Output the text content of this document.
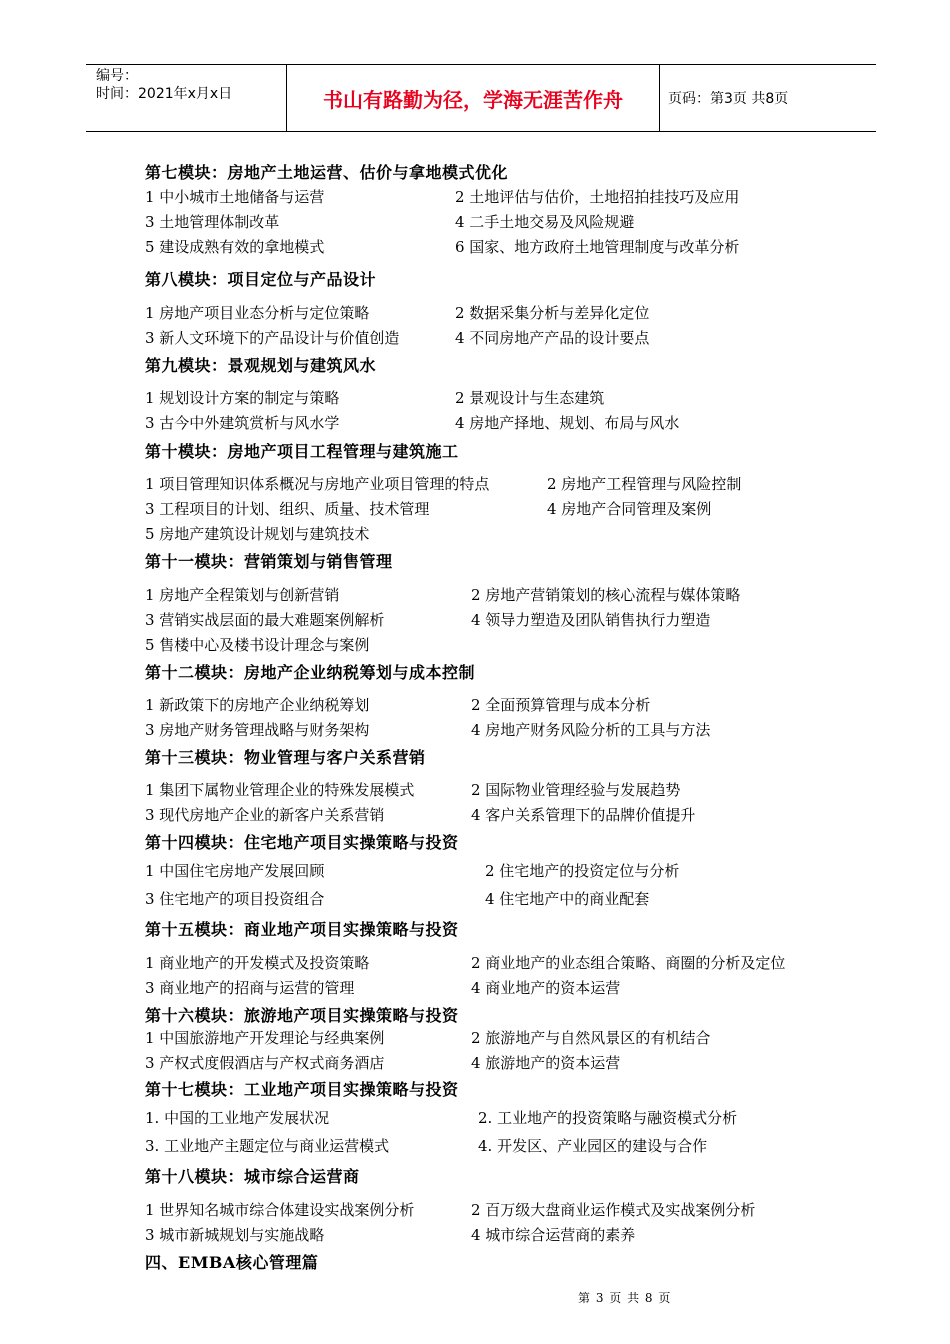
编号：
时间：2021年x月x日	书山有路勤为径，学海无涯苦作舟	页码：第3页 共8页
第七模块：房地产土地运营、估价与拿地模式优化
1 中小城市土地储备与运营	2 土地评估与估价，土地招拍挂技巧及应用
3 土地管理体制改革	4 二手土地交易及风险规避
5 建设成熟有效的拿地模式	6 国家、地方政府土地管理制度与改革分析
第八模块：项目定位与产品设计
1 房地产项目业态分析与定位策略	2 数据采集分析与差异化定位
3 新人文环境下的产品设计与价值创造	4 不同房地产产品的设计要点
第九模块：景观规划与建筑风水
1 规划设计方案的制定与策略	2 景观设计与生态建筑
3 古今中外建筑赏析与风水学	4 房地产择地、规划、布局与风水
第十模块：房地产项目工程管理与建筑施工
1 项目管理知识体系概况与房地产业项目管理的特点	2 房地产工程管理与风险控制
3 工程项目的计划、组织、质量、技术管理	4 房地产合同管理及案例
5 房地产建筑设计规划与建筑技术
第十一模块：营销策划与销售管理
1 房地产全程策划与创新营销	2 房地产营销策划的核心流程与媒体策略
3 营销实战层面的最大难题案例解析	4 领导力塑造及团队销售执行力塑造
5 售楼中心及楼书设计理念与案例
第十二模块：房地产企业纳税筹划与成本控制
1 新政策下的房地产企业纳税筹划	2 全面预算管理与成本分析
3 房地产财务管理战略与财务架构	4 房地产财务风险分析的工具与方法
第十三模块：物业管理与客户关系营销
1 集团下属物业管理企业的特殊发展模式	2 国际物业管理经验与发展趋势
3 现代房地产企业的新客户关系营销	4 客户关系管理下的品牌价值提升
第十四模块：住宅地产项目实操策略与投资
1 中国住宅房地产发展回顾	2 住宅地产的投资定位与分析
3 住宅地产的项目投资组合	4 住宅地产中的商业配套
第十五模块：商业地产项目实操策略与投资
1 商业地产的开发模式及投资策略	2 商业地产的业态组合策略、商圈的分析及定位
3 商业地产的招商与运营的管理	4 商业地产的资本运营
第十六模块：旅游地产项目实操策略与投资
1 中国旅游地产开发理论与经典案例	2 旅游地产与自然风景区的有机结合
3 产权式度假酒店与产权式商务酒店	4 旅游地产的资本运营
第十七模块：工业地产项目实操策略与投资
1. 中国的工业地产发展状况	2. 工业地产的投资策略与融资模式分析
3. 工业地产主题定位与商业运营模式	4. 开发区、产业园区的建设与合作
第十八模块：城市综合运营商
1 世界知名城市综合体建设实战案例分析	2 百万级大盘商业运作模式及实战案例分析
3 城市新城规划与实施战略	4 城市综合运营商的素养
四、EMBA核心管理篇
第 3 页 共 8 页
